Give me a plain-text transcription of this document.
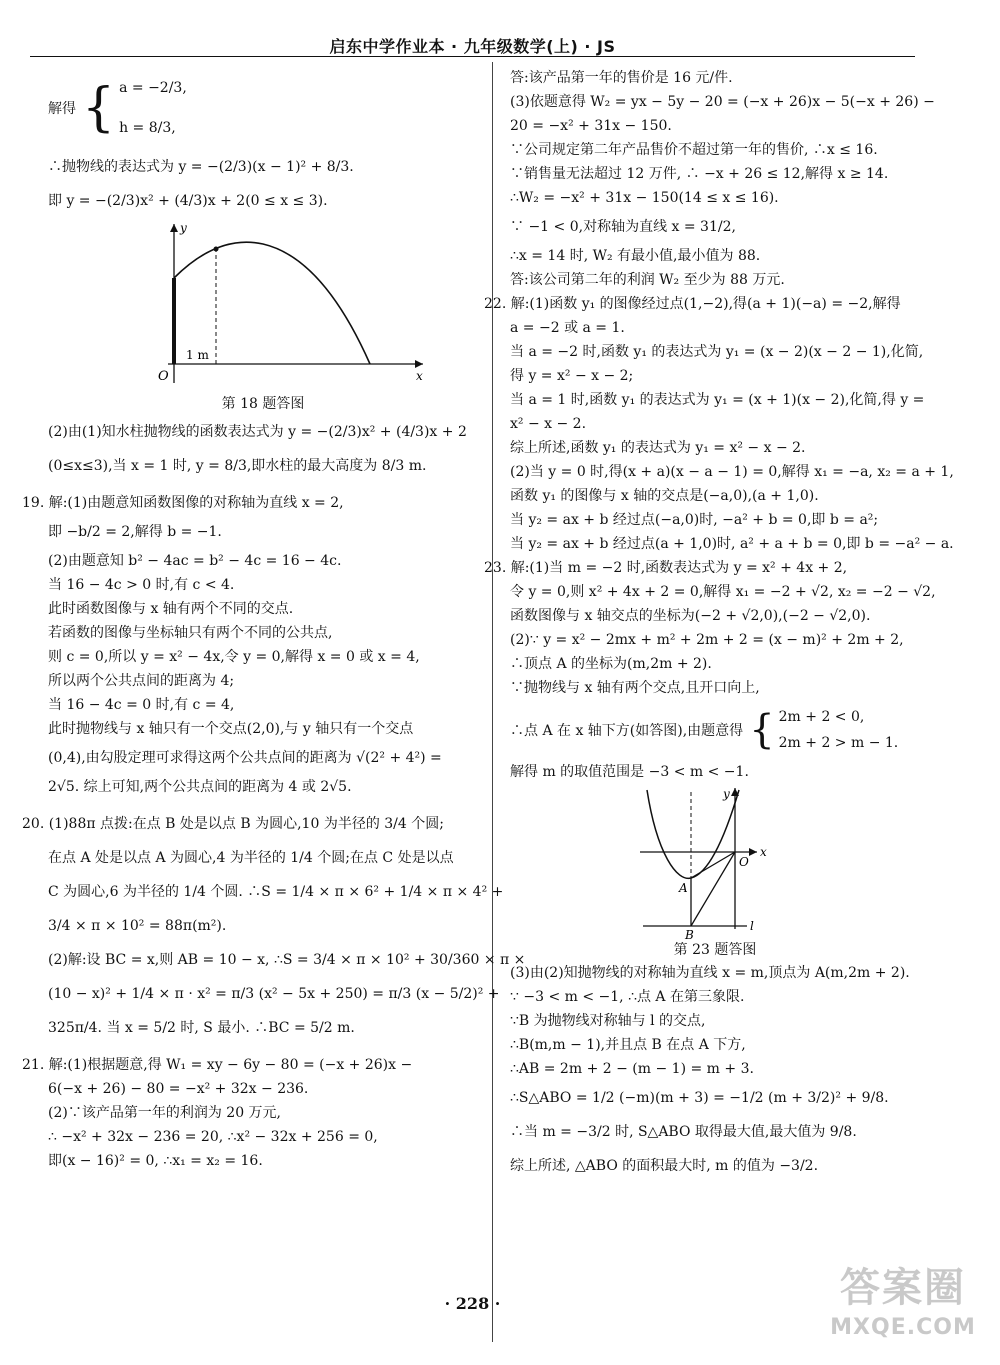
启东中学作业本 · 九年级数学(上) · JS
解得 { a = −2/3,
h = 8/3,
∴抛物线的表达式为 y = −(2/3)(x − 1)² + 8/3.
即 y = −(2/3)x² + (4/3)x + 2(0 ≤ x ≤ 3).
y
x
O
1 m
第 18 题答图
(2)由(1)知水柱抛物线的函数表达式为 y = −(2/3)x² + (4/3)x + 2
(0≤x≤3),当 x = 1 时, y = 8/3,即水柱的最大高度为 8/3 m.
19. 解:(1)由题意知函数图像的对称轴为直线 x = 2,
即 −b/2 = 2,解得 b = −1.
(2)由题意知 b² − 4ac = b² − 4c = 16 − 4c.
当 16 − 4c > 0 时,有 c < 4.
此时函数图像与 x 轴有两个不同的交点.
若函数的图像与坐标轴只有两个不同的公共点,
则 c = 0,所以 y = x² − 4x,令 y = 0,解得 x = 0 或 x = 4,
所以两个公共点间的距离为 4;
当 16 − 4c = 0 时,有 c = 4,
此时抛物线与 x 轴只有一个交点(2,0),与 y 轴只有一个交点
(0,4),由勾股定理可求得这两个公共点间的距离为 √(2² + 4²) =
2√5. 综上可知,两个公共点间的距离为 4 或 2√5.
20. (1)88π 点拨:在点 B 处是以点 B 为圆心,10 为半径的 3/4 个圆;
在点 A 处是以点 A 为圆心,4 为半径的 1/4 个圆;在点 C 处是以点
C 为圆心,6 为半径的 1/4 个圆. ∴S = 1/4 × π × 6² + 1/4 × π × 4² +
3/4 × π × 10² = 88π(m²).
(2)解:设 BC = x,则 AB = 10 − x, ∴S = 3/4 × π × 10² + 30/360 × π ×
(10 − x)² + 1/4 × π · x² = π/3 (x² − 5x + 250) = π/3 (x − 5/2)² +
325π/4. 当 x = 5/2 时, S 最小. ∴BC = 5/2 m.
21. 解:(1)根据题意,得 W₁ = xy − 6y − 80 = (−x + 26)x −
6(−x + 26) − 80 = −x² + 32x − 236.
(2)∵该产品第一年的利润为 20 万元,
∴ −x² + 32x − 236 = 20, ∴x² − 32x + 256 = 0,
即(x − 16)² = 0, ∴x₁ = x₂ = 16.
答:该产品第一年的售价是 16 元/件.
(3)依题意得 W₂ = yx − 5y − 20 = (−x + 26)x − 5(−x + 26) −
20 = −x² + 31x − 150.
∵公司规定第二年产品售价不超过第一年的售价, ∴x ≤ 16.
∵销售量无法超过 12 万件, ∴ −x + 26 ≤ 12,解得 x ≥ 14.
∴W₂ = −x² + 31x − 150(14 ≤ x ≤ 16).
∵ −1 < 0,对称轴为直线 x = 31/2,
∴x = 14 时, W₂ 有最小值,最小值为 88.
答:该公司第二年的利润 W₂ 至少为 88 万元.
22. 解:(1)函数 y₁ 的图像经过点(1,−2),得(a + 1)(−a) = −2,解得
a = −2 或 a = 1.
当 a = −2 时,函数 y₁ 的表达式为 y₁ = (x − 2)(x − 2 − 1),化简,
得 y = x² − x − 2;
当 a = 1 时,函数 y₁ 的表达式为 y₁ = (x + 1)(x − 2),化简,得 y =
x² − x − 2.
综上所述,函数 y₁ 的表达式为 y₁ = x² − x − 2.
(2)当 y = 0 时,得(x + a)(x − a − 1) = 0,解得 x₁ = −a, x₂ = a + 1,
函数 y₁ 的图像与 x 轴的交点是(−a,0),(a + 1,0).
当 y₂ = ax + b 经过点(−a,0)时, −a² + b = 0,即 b = a²;
当 y₂ = ax + b 经过点(a + 1,0)时, a² + a + b = 0,即 b = −a² − a.
23. 解:(1)当 m = −2 时,函数表达式为 y = x² + 4x + 2,
令 y = 0,则 x² + 4x + 2 = 0,解得 x₁ = −2 + √2, x₂ = −2 − √2,
函数图像与 x 轴交点的坐标为(−2 + √2,0),(−2 − √2,0).
(2)∵ y = x² − 2mx + m² + 2m + 2 = (x − m)² + 2m + 2,
∴顶点 A 的坐标为(m,2m + 2).
∵抛物线与 x 轴有两个交点,且开口向上,
∴点 A 在 x 轴下方(如答图),由题意得 { 2m + 2 < 0,
2m + 2 > m − 1.
解得 m 的取值范围是 −3 < m < −1.
y
x
O
A
B
l
第 23 题答图
(3)由(2)知抛物线的对称轴为直线 x = m,顶点为 A(m,2m + 2).
∵ −3 < m < −1, ∴点 A 在第三象限.
∵B 为抛物线对称轴与 l 的交点,
∴B(m,m − 1),并且点 B 在点 A 下方,
∴AB = 2m + 2 − (m − 1) = m + 3.
∴S△ABO = 1/2 (−m)(m + 3) = −1/2 (m + 3/2)² + 9/8.
∴当 m = −3/2 时, S△ABO 取得最大值,最大值为 9/8.
综上所述, △ABO 的面积最大时, m 的值为 −3/2.
· 228 ·	答案圈
MXQE.COM
